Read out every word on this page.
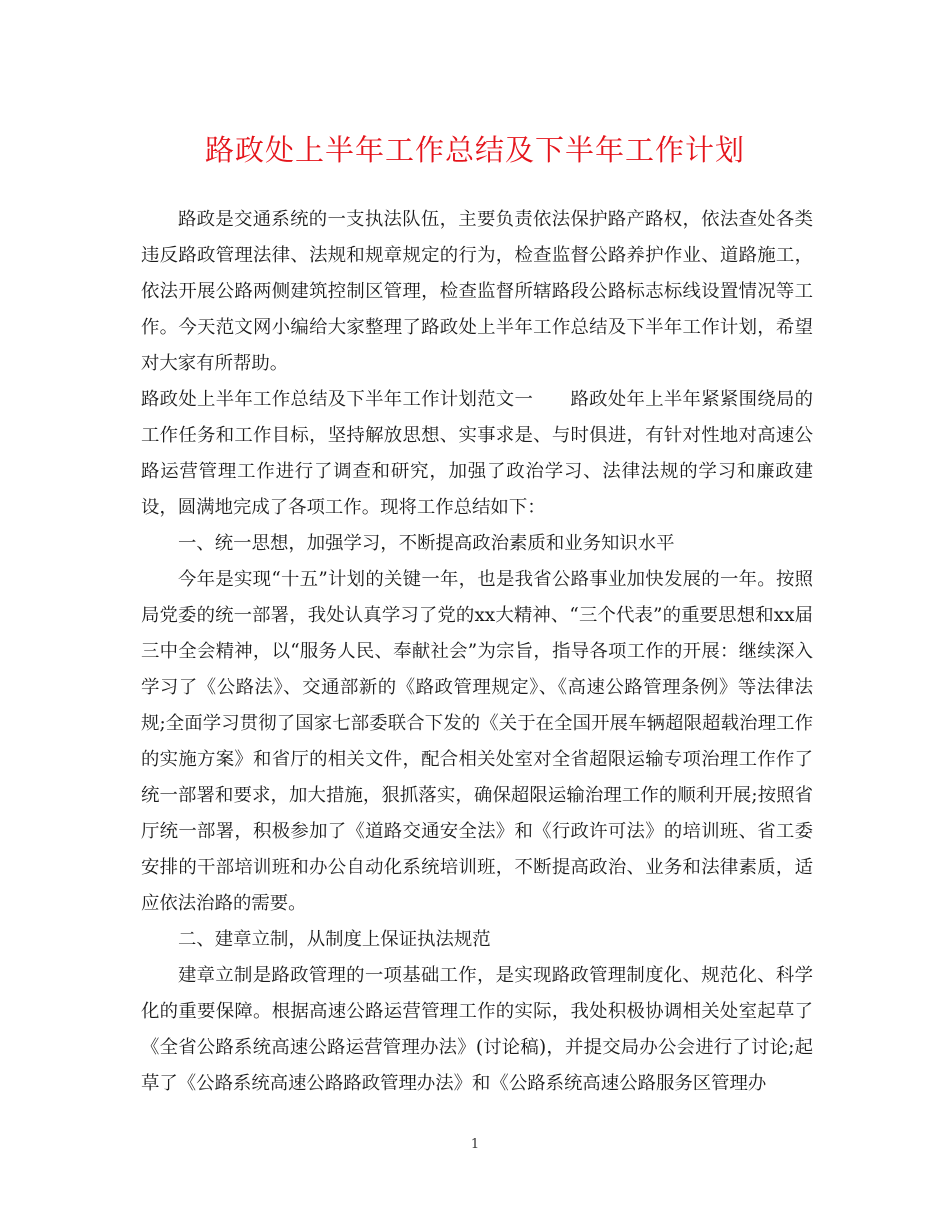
路政处上半年工作总结及下半年工作计划

路政是交通系统的一支执法队伍，主要负责依法保护路产路权，依法查处各类违反路政管理法律、法规和规章规定的行为，检查监督公路养护作业、道路施工，依法开展公路两侧建筑控制区管理，检查监督所辖路段公路标志标线设置情况等工作。今天范文网小编给大家整理了路政处上半年工作总结及下半年工作计划，希望对大家有所帮助。

路政处上半年工作总结及下半年工作计划范文一　　路政处年上半年紧紧围绕局的工作任务和工作目标，坚持解放思想、实事求是、与时俱进，有针对性地对高速公路运营管理工作进行了调查和研究，加强了政治学习、法律法规的学习和廉政建设，圆满地完成了各项工作。现将工作总结如下：

一、统一思想，加强学习，不断提高政治素质和业务知识水平

今年是实现“十五”计划的关键一年，也是我省公路事业加快发展的一年。按照局党委的统一部署，我处认真学习了党的xx大精神、“三个代表”的重要思想和xx届三中全会精神，以“服务人民、奉献社会”为宗旨，指导各项工作的开展：继续深入学习了《公路法》、交通部新的《路政管理规定》、《高速公路管理条例》等法律法规;全面学习贯彻了国家七部委联合下发的《关于在全国开展车辆超限超载治理工作的实施方案》和省厅的相关文件，配合相关处室对全省超限运输专项治理工作作了统一部署和要求，加大措施，狠抓落实，确保超限运输治理工作的顺利开展;按照省厅统一部署，积极参加了《道路交通安全法》和《行政许可法》的培训班、省工委安排的干部培训班和办公自动化系统培训班，不断提高政治、业务和法律素质，适应依法治路的需要。

二、建章立制，从制度上保证执法规范

建章立制是路政管理的一项基础工作，是实现路政管理制度化、规范化、科学化的重要保障。根据高速公路运营管理工作的实际，我处积极协调相关处室起草了《全省公路系统高速公路运营管理办法》(讨论稿)，并提交局办公会进行了讨论;起草了《公路系统高速公路路政管理办法》和《公路系统高速公路服务区管理办

1
